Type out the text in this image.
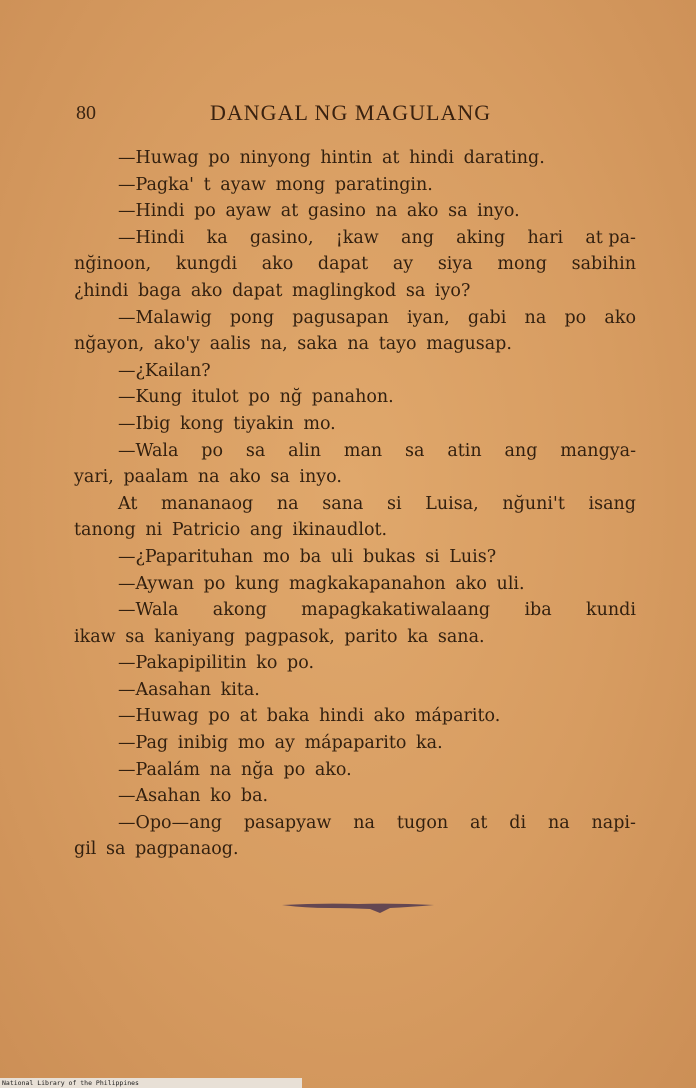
80	DANGAL NG MAGULANG
—Huwag po ninyong hintin at hindi darating.
—Pagka' t ayaw mong paratingin.
—Hindi po ayaw at gasino na ako sa inyo.
—Hindi ka gasino, ¡kaw ang aking hari at pa-
nğinoon, kungdi ako dapat ay siya mong sabihin
¿hindi baga ako dapat maglingkod sa iyo?
—Malawig pong pagusapan iyan, gabi na po ako
nğayon, ako'y aalis na, saka na tayo magusap.
—¿Kailan?
—Kung itulot po nğ panahon.
—Ibig kong tiyakin mo.
—Wala po sa alin man sa atin ang mangya-
yari, paalam na ako sa inyo.
At mananaog na sana si Luisa, nğuni't isang
tanong ni Patricio ang ikinaudlot.
—¿Paparituhan mo ba uli bukas si Luis?
—Aywan po kung magkakapanahon ako uli.
—Wala akong mapagkakatiwalaang iba kundi
ikaw sa kaniyang pagpasok, parito ka sana.
—Pakapipilitin ko po.
—Aasahan kita.
—Huwag po at baka hindi ako máparito.
—Pag inibig mo ay mápaparito ka.
—Paalám na nğa po ako.
—Asahan ko ba.
—Opo—ang pasapyaw na tugon at di na napi-
gil sa pagpanaog.
National Library of the Philippines
